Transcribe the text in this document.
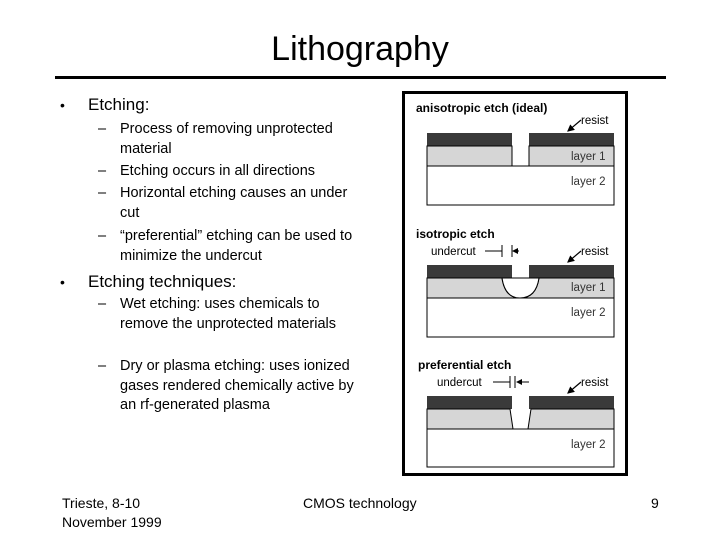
Lithography
• Etching:
– Process of removing unprotected material
– Etching occurs in all directions
– Horizontal etching causes an under cut
– “preferential” etching can be used to minimize the undercut
• Etching techniques:
– Wet etching: uses chemicals to remove the unprotected materials
– Dry or plasma etching: uses ionized gases rendered chemically active by an rf-generated plasma
anisotropic etch (ideal)
resist
layer 1
layer 2
isotropic etch
undercut	resist
layer 1
layer 2
preferential etch
undercut	resist
layer 2
Trieste, 8-10
November 1999
CMOS technology	9
